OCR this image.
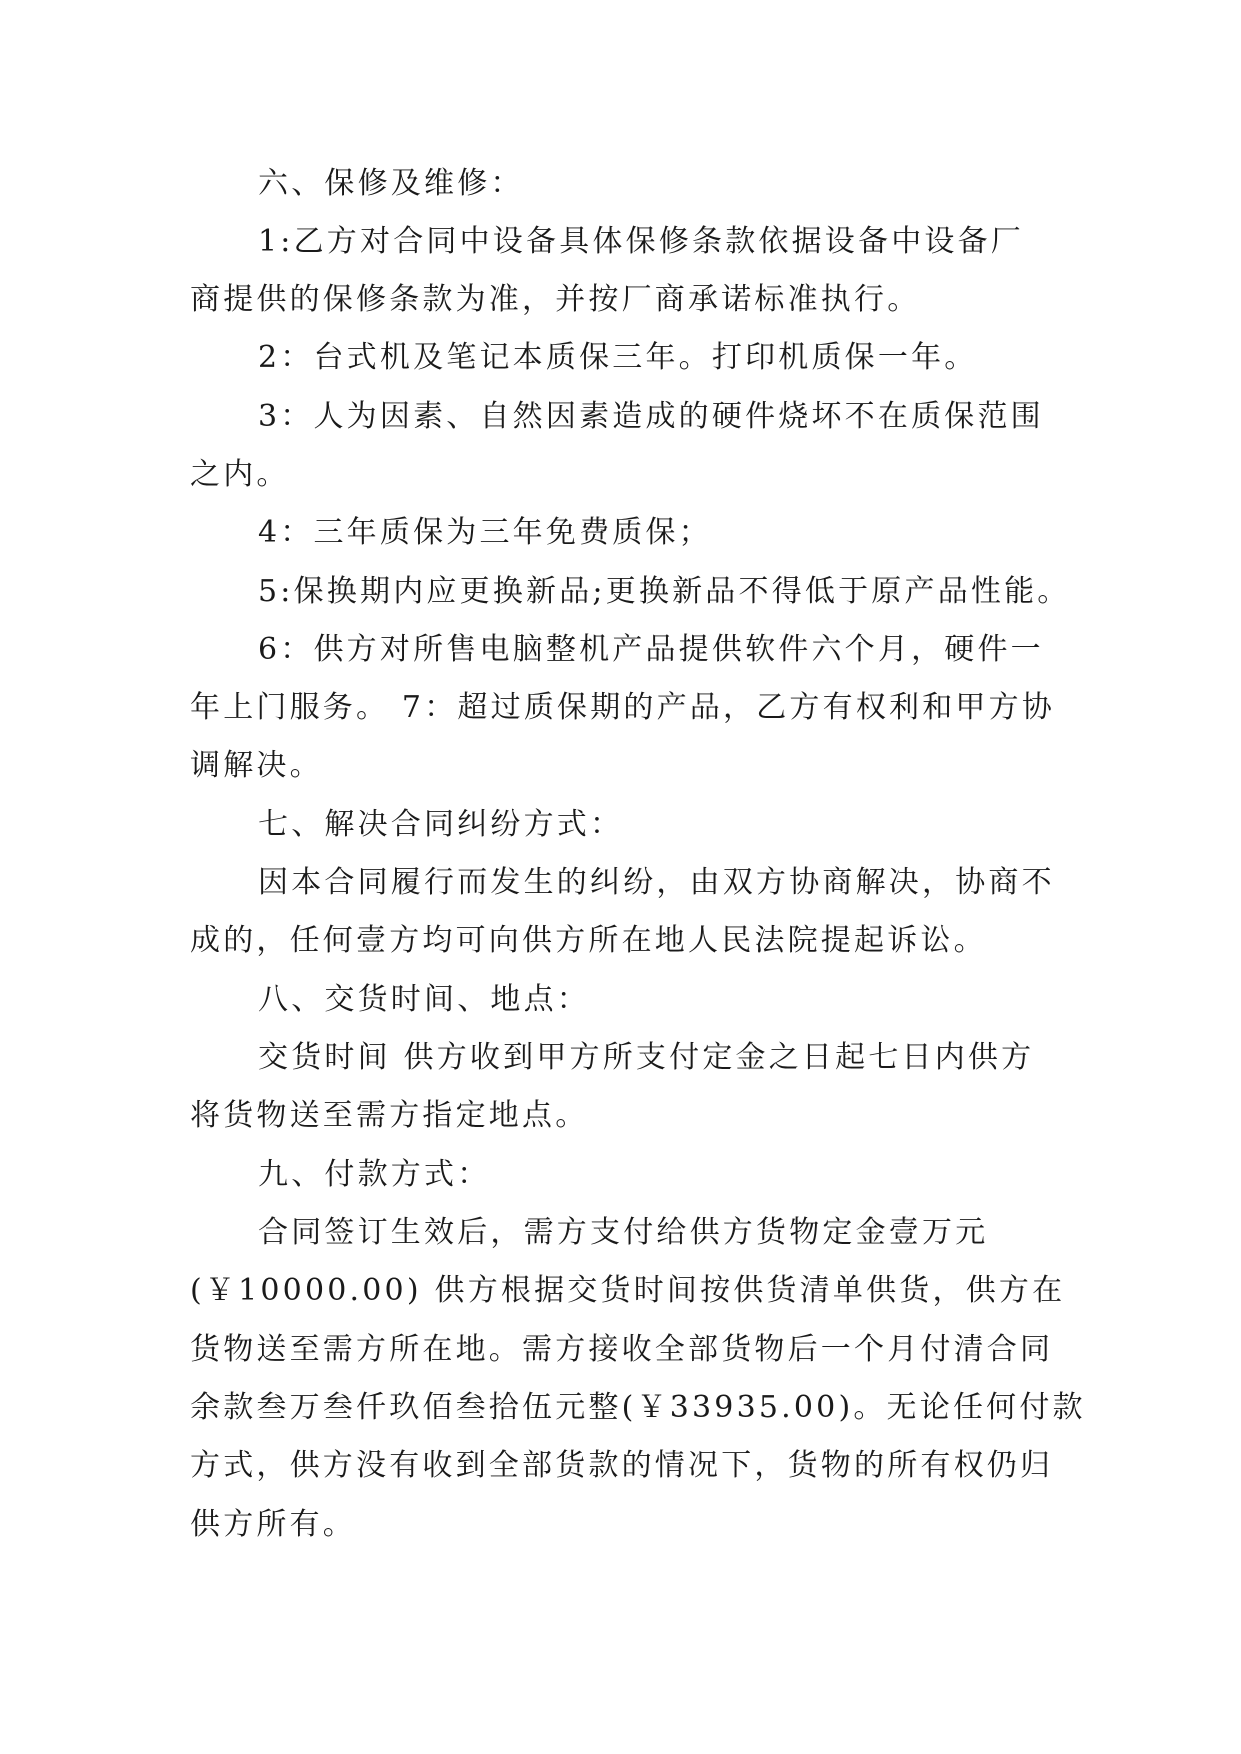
六、保修及维修：
1:乙方对合同中设备具体保修条款依据设备中设备厂
商提供的保修条款为准，并按厂商承诺标准执行。
2：台式机及笔记本质保三年。打印机质保一年。
3：人为因素、自然因素造成的硬件烧坏不在质保范围
之内。
4：三年质保为三年免费质保；
5:保换期内应更换新品;更换新品不得低于原产品性能。
6：供方对所售电脑整机产品提供软件六个月，硬件一
年上门服务。 7：超过质保期的产品，乙方有权利和甲方协
调解决。
七、解决合同纠纷方式：
因本合同履行而发生的纠纷，由双方协商解决，协商不
成的，任何壹方均可向供方所在地人民法院提起诉讼。
八、交货时间、地点：
交货时间 供方收到甲方所支付定金之日起七日内供方
将货物送至需方指定地点。
九、付款方式：
合同签订生效后，需方支付给供方货物定金壹万元
(￥10000.00) 供方根据交货时间按供货清单供货，供方在
货物送至需方所在地。需方接收全部货物后一个月付清合同
余款叁万叁仟玖佰叁拾伍元整(￥33935.00)。无论任何付款
方式，供方没有收到全部货款的情况下，货物的所有权仍归
供方所有。
